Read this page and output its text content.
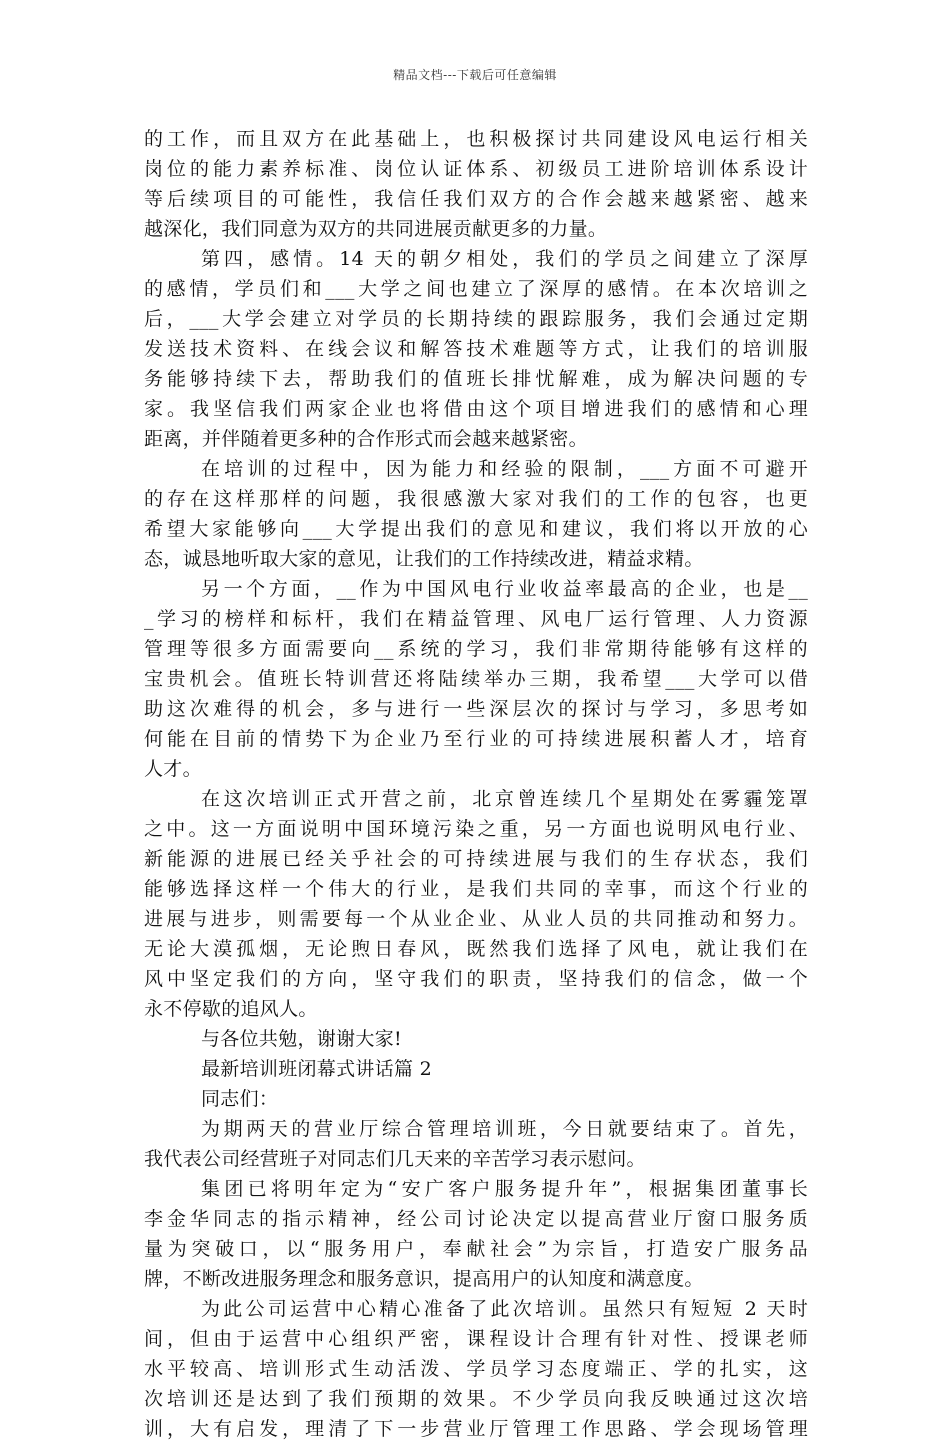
精品文档---下载后可任意编辑
的工作，而且双方在此基础上，也积极探讨共同建设风电运行相关
岗位的能力素养标准、岗位认证体系、初级员工进阶培训体系设计
等后续项目的可能性，我信任我们双方的合作会越来越紧密、越来
越深化，我们同意为双方的共同进展贡献更多的力量。
第四，感情。14 天的朝夕相处，我们的学员之间建立了深厚
的感情，学员们和___大学之间也建立了深厚的感情。在本次培训之
后，___大学会建立对学员的长期持续的跟踪服务，我们会通过定期
发送技术资料、在线会议和解答技术难题等方式，让我们的培训服
务能够持续下去，帮助我们的值班长排忧解难，成为解决问题的专
家。我坚信我们两家企业也将借由这个项目增进我们的感情和心理
距离，并伴随着更多种的合作形式而会越来越紧密。
在培训的过程中，因为能力和经验的限制，___方面不可避开
的存在这样那样的问题，我很感激大家对我们的工作的包容，也更
希望大家能够向___大学提出我们的意见和建议，我们将以开放的心
态，诚恳地听取大家的意见，让我们的工作持续改进，精益求精。
另一个方面，__作为中国风电行业收益率最高的企业，也是__
_学习的榜样和标杆，我们在精益管理、风电厂运行管理、人力资源
管理等很多方面需要向__系统的学习，我们非常期待能够有这样的
宝贵机会。值班长特训营还将陆续举办三期，我希望___大学可以借
助这次难得的机会，多与进行一些深层次的探讨与学习，多思考如
何能在目前的情势下为企业乃至行业的可持续进展积蓄人才，培育
人才。
在这次培训正式开营之前，北京曾连续几个星期处在雾霾笼罩
之中。这一方面说明中国环境污染之重，另一方面也说明风电行业、
新能源的进展已经关乎社会的可持续进展与我们的生存状态，我们
能够选择这样一个伟大的行业，是我们共同的幸事，而这个行业的
进展与进步，则需要每一个从业企业、从业人员的共同推动和努力。
无论大漠孤烟，无论煦日春风，既然我们选择了风电，就让我们在
风中坚定我们的方向，坚守我们的职责，坚持我们的信念，做一个
永不停歇的追风人。
与各位共勉，谢谢大家!
最新培训班闭幕式讲话篇 2
同志们：
为期两天的营业厅综合管理培训班，今日就要结束了。首先，
我代表公司经营班子对同志们几天来的辛苦学习表示慰问。
集团已将明年定为“安广客户服务提升年”，根据集团董事长
李金华同志的指示精神，经公司讨论决定以提高营业厅窗口服务质
量为突破口，以“服务用户，奉献社会”为宗旨，打造安广服务品
牌，不断改进服务理念和服务意识，提高用户的认知度和满意度。
为此公司运营中心精心准备了此次培训。虽然只有短短 2 天时
间，但由于运营中心组织严密，课程设计合理有针对性、授课老师
水平较高、培训形式生动活泼、学员学习态度端正、学的扎实，这
次培训还是达到了我们预期的效果。不少学员向我反映通过这次培
训，大有启发，理清了下一步营业厅管理工作思路、学会现场管理
